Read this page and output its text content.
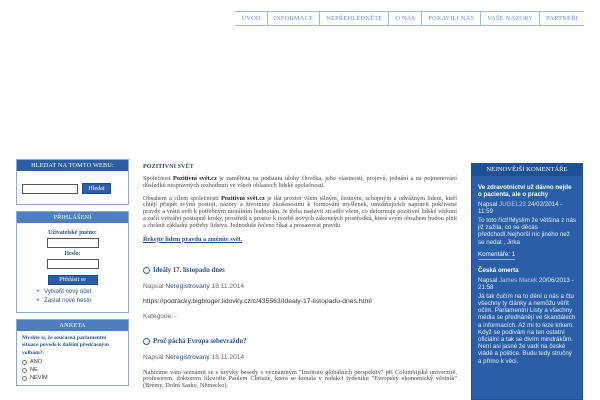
ÚVOD	INFORMACE	NEPŘEHLÉDNĚTE	O NÁS	PORAVILI NÁS	VAŠE NÁZORY	PARTNEŘI
HLEDAT NA TOMTO WEBU:
Hledat
PŘIHLÁŠENÍ
Uživatelské jméno:
Heslo:
Přihlásit se
• Vytvořit nový účet
• Zaslat nové heslo
ANKETA
Myslíte si, že současná parlamentní situace povede k dalším předčasným volbám?:
ANO
NE
NEVÍM
POZITIVNÍ SVĚT

Společnost Pozitivní svět.cz je zaměřena na podstatu úlohy člověka, jeho vlastností, projevů, jednání a na pojmenování důsledků nesprávných rozhodnutí ve všech oblastech lidské společnosti.

Obsahem a cílem společnosti Pozitivní svět.cz je dát prostor všem silným, čestným, schopným a odvážným lidem, kteří chtějí přispět svými postoji, názory a životními zkušenostmi k formování myšlenek, umožňujících napravit pokřivené pravdy a vrátit svět k potřebným morálním hodnotám. Je třeba nastavit zrcadlo všem, co deformuje pozitivní lidské vědomí a začít vytvářet postupné kroky, prostředí a prostor k tvorbě nových zákonných prostředků, které svým obsahem budou plnit a chránit základní potřeby lidstva. Jednoduše řečeno říkat a prosazovat pravdu.

Řekejte lidem pravdu a změníte svět.
Ideály 17. listopadu dnes
Napsal Neregistrovaný 18.11.2014
https://podracky.bigbloger.lidovky.cz/c/435563/Idealy-17-listopadu-dnes.html
Kategorie: -
Proč páchá Evropa sebevraždu?
Napsal Neregistrovaný 18.11.2014
Nabízíme vám seznámit se s úryvky besedy s významným "Institutu globálních perspektiv" při Columbijské univerzitě, profesorem, doktorem filozofie Paulem Christie, která se konala v redakci týdeníku "Evropský ekonomický věstník" (Brémy, Dolní Sasko, Německo).
NEJNOVĚJŠÍ KOMENTÁŘE
Ve zdravotnictví už dávno nejde o pacienta, ale o prachy
Napsal JUGEL23 24/02/2014 - 11:59
To toto říct!!Myslím že většina z nás již zažila, co se děcás předchodí.Nejhorší nic jiného než se nedat , Jirka
Komentáře: 1
Česká omerta
Napsal James Macek 20/06/2013 - 21:58
Já tak čučím na to dění u nás a čtu všechny ty články a nemůžu věřit očím. Parlamentní Listy a všechny média se předhánějí ve škandálech a informacích. Až mi to leze krkem. Když se podívám na ten ostatní oficiální a tak se divím mindrákům. Není asi jasné že vadí na české vládě a politice. Budu tedy stručný a přímo k věci.
